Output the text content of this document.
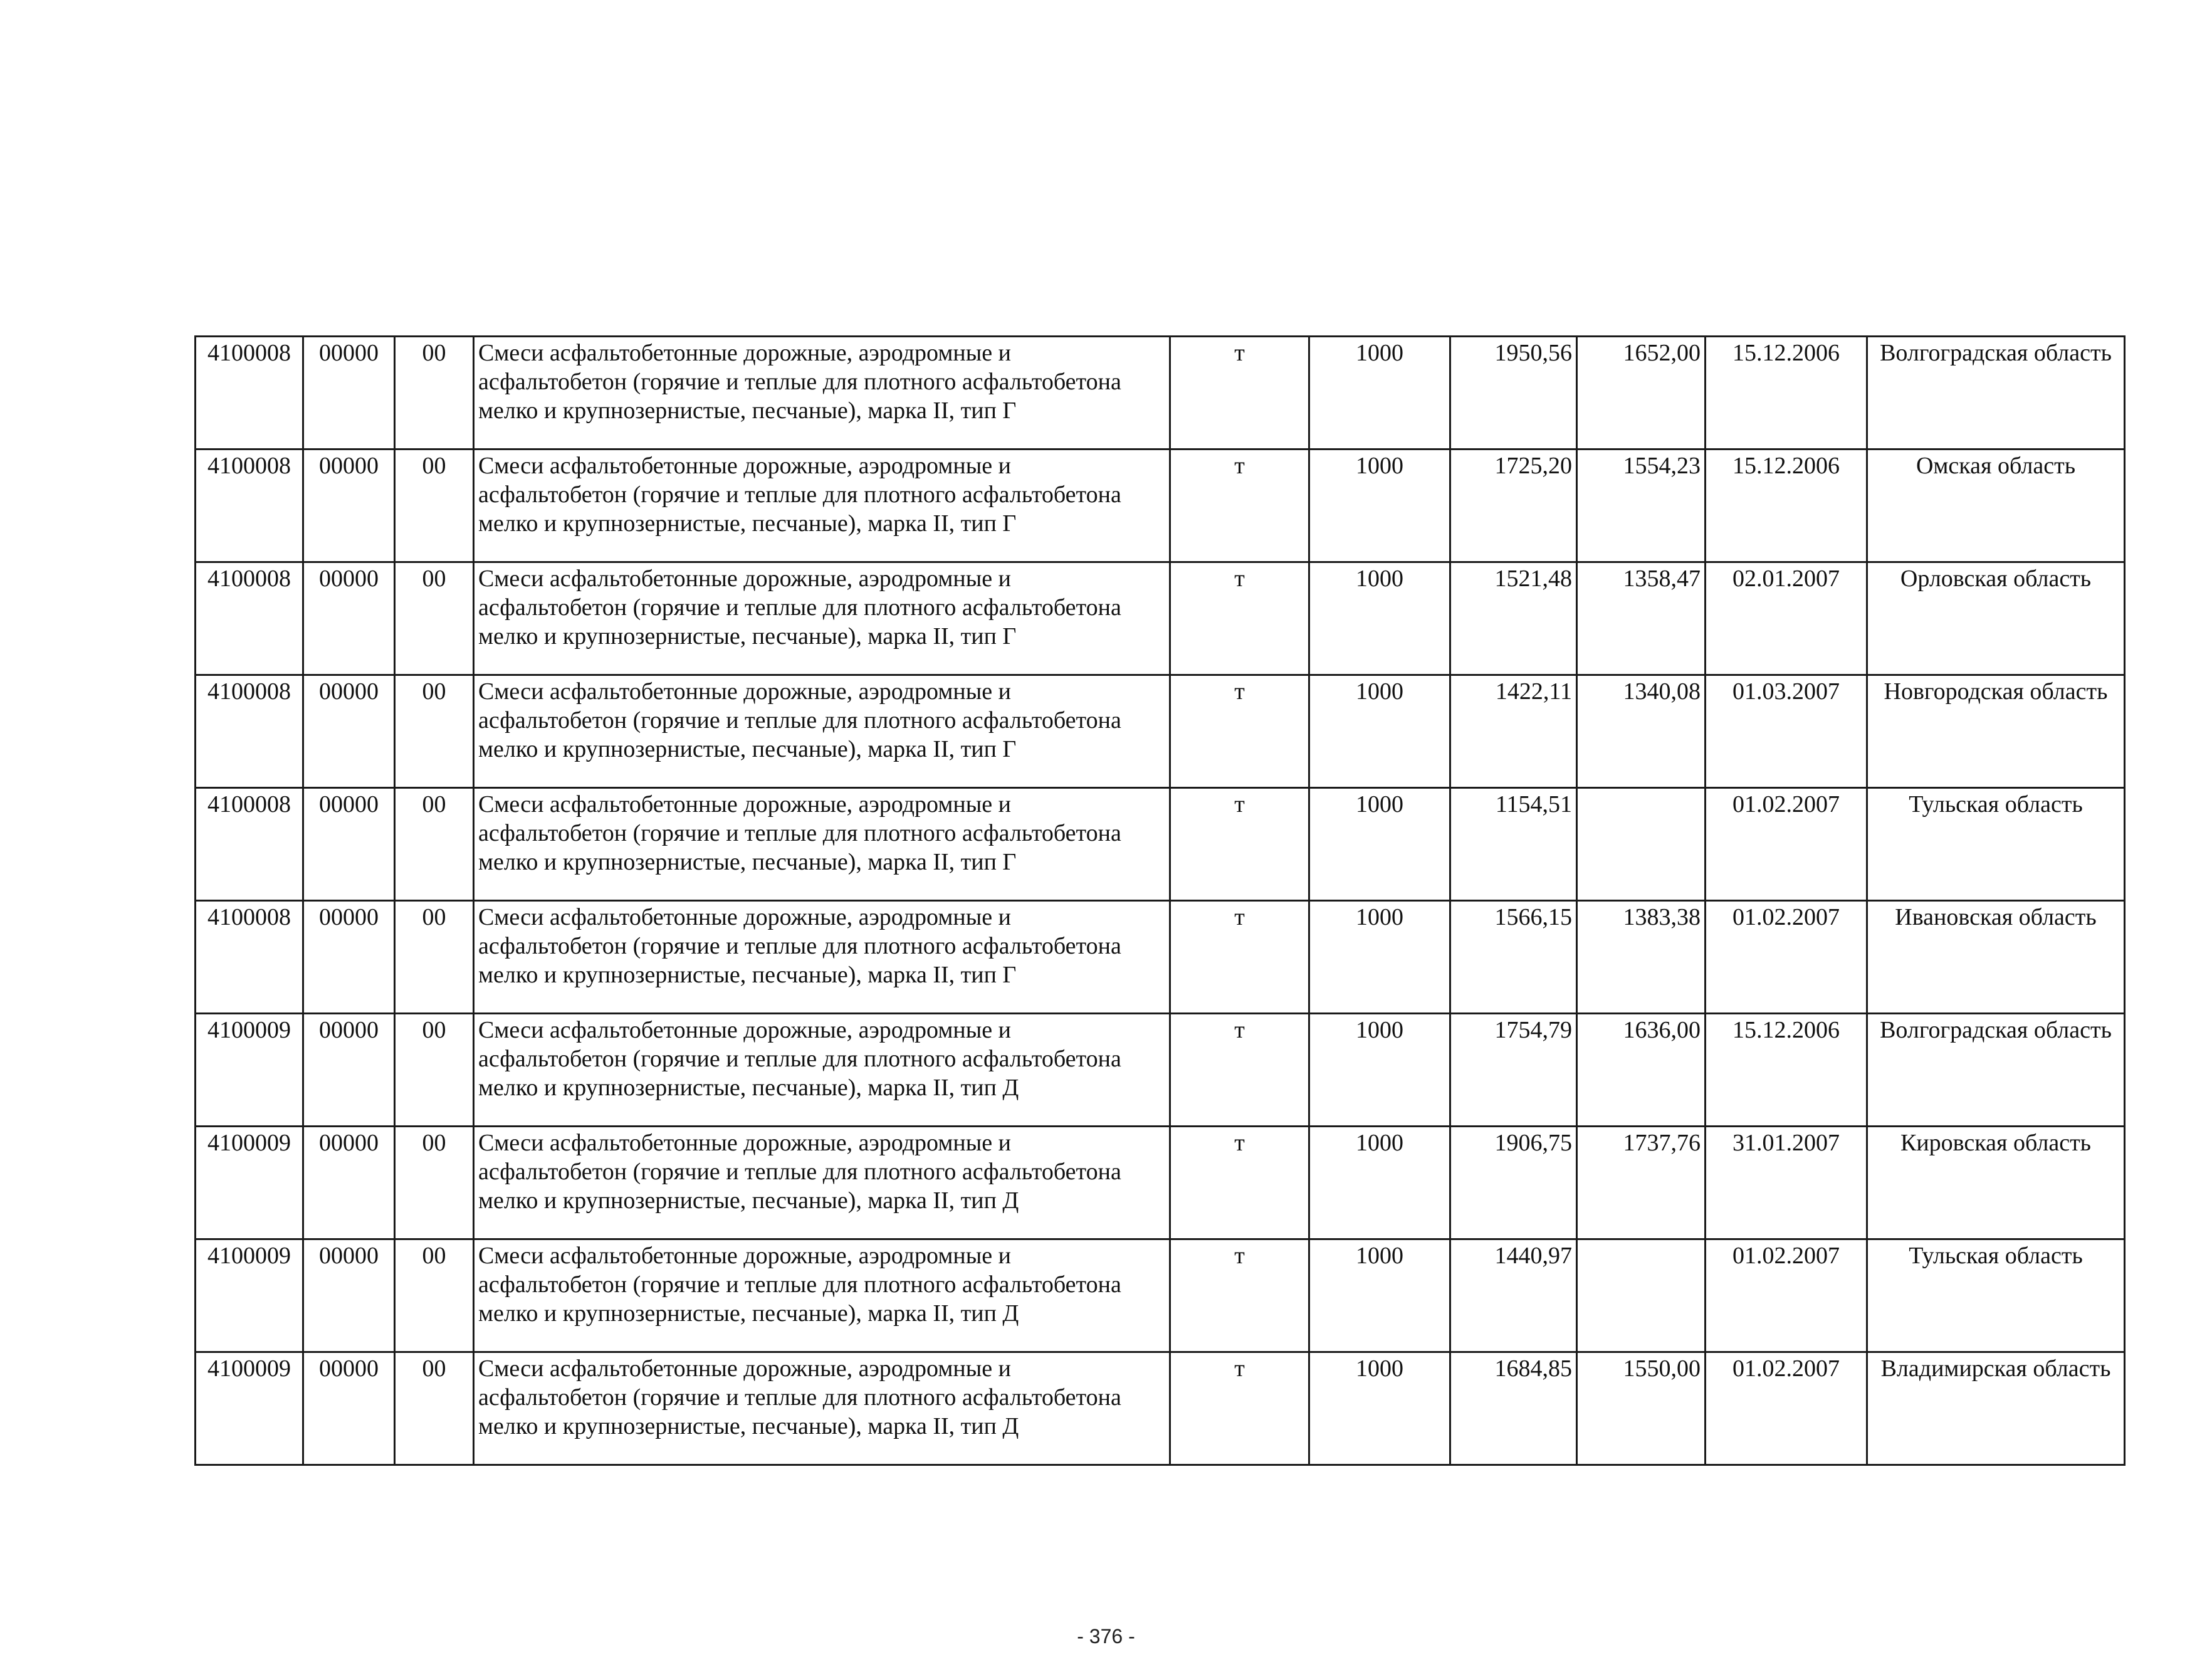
4100008	00000	00	Смеси асфальтобетонные дорожные, аэродромные и асфальтобетон (горячие и теплые для плотного асфальтобетона мелко и крупнозернистые, песчаные), марка II, тип Г	т	1000	1950,56	1652,00	15.12.2006	Волгоградская область
4100008	00000	00	Смеси асфальтобетонные дорожные, аэродромные и асфальтобетон (горячие и теплые для плотного асфальтобетона мелко и крупнозернистые, песчаные), марка II, тип Г	т	1000	1725,20	1554,23	15.12.2006	Омская область
4100008	00000	00	Смеси асфальтобетонные дорожные, аэродромные и асфальтобетон (горячие и теплые для плотного асфальтобетона мелко и крупнозернистые, песчаные), марка II, тип Г	т	1000	1521,48	1358,47	02.01.2007	Орловская область
4100008	00000	00	Смеси асфальтобетонные дорожные, аэродромные и асфальтобетон (горячие и теплые для плотного асфальтобетона мелко и крупнозернистые, песчаные), марка II, тип Г	т	1000	1422,11	1340,08	01.03.2007	Новгородская область
4100008	00000	00	Смеси асфальтобетонные дорожные, аэродромные и асфальтобетон (горячие и теплые для плотного асфальтобетона мелко и крупнозернистые, песчаные), марка II, тип Г	т	1000	1154,51		01.02.2007	Тульская область
4100008	00000	00	Смеси асфальтобетонные дорожные, аэродромные и асфальтобетон (горячие и теплые для плотного асфальтобетона мелко и крупнозернистые, песчаные), марка II, тип Г	т	1000	1566,15	1383,38	01.02.2007	Ивановская область
4100009	00000	00	Смеси асфальтобетонные дорожные, аэродромные и асфальтобетон (горячие и теплые для плотного асфальтобетона мелко и крупнозернистые, песчаные), марка II, тип Д	т	1000	1754,79	1636,00	15.12.2006	Волгоградская область
4100009	00000	00	Смеси асфальтобетонные дорожные, аэродромные и асфальтобетон (горячие и теплые для плотного асфальтобетона мелко и крупнозернистые, песчаные), марка II, тип Д	т	1000	1906,75	1737,76	31.01.2007	Кировская область
4100009	00000	00	Смеси асфальтобетонные дорожные, аэродромные и асфальтобетон (горячие и теплые для плотного асфальтобетона мелко и крупнозернистые, песчаные), марка II, тип Д	т	1000	1440,97		01.02.2007	Тульская область
4100009	00000	00	Смеси асфальтобетонные дорожные, аэродромные и асфальтобетон (горячие и теплые для плотного асфальтобетона мелко и крупнозернистые, песчаные), марка II, тип Д	т	1000	1684,85	1550,00	01.02.2007	Владимирская область
- 376 -
